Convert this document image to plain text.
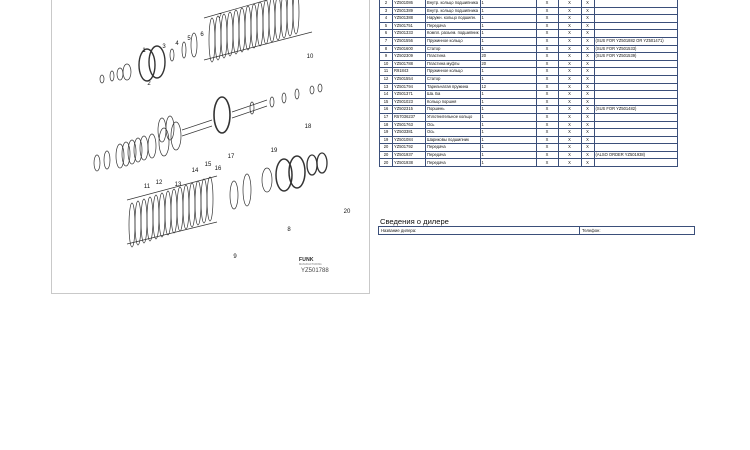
1
2
3 4
5
6
7
8
9
10
11
12 13
14
15
16
17
18
19
20
FUNK
MANUFACTURING
YZ501788
2	YZ501086	Внутр. кольцо подшипника	1	X	X	X	
3	YZ501389	Внутр. кольцо подшипника	1	X	X	X	
4	YZ501388	Наружн. кольцо подшипн.	1	X	X	X	
5	YZ501751	Передача	1	X	X	X	
6	YZ501333	Компл. разъем. подшипник	1	X	X	X	
7	YZ501556	Пружинное кольцо	1	X	X	X	(SUS FOR YZ501882 OR YZ501471)
8	YZ501600	Статор	1	X	X	X	(SUS FOR YZ501533)
9	YZ502309	Пластина	20	X	X	X	(SUS FOR YZ501539)
10	YZ501788	Пластина муфты	20	X	X	X	
11	R91843	Пружинное кольцо	1	X	X	X	
12	YZ501554	Статор	1	X	X	X	
13	YZ501794	Тарельчатая пружина	12	X	X	X	
14	YZ501371	Ша. Ба	1	X	X	X	
15	YZ501023	Кольцо поршня	1	X	X	X	
16	YZ502315	Поршень	1	X	X	X	(SUS FOR YZ501482)
17	R57036237	Уплотнительное кольцо	1	X	X	X	
18	YZ501763	Ось	1	X	X	X	
19	YZ503381	Ось	1	X	X	X	
19	YZ501084	Шариковы подшипник	1	X	X	X	
20	YZ501792	Передача	1	X	X	X	
20	YZ501937	Передача	1	X	X	X	(ALSO ORDER YZ501938)
20	YZ501938	Передача	1	X	X	X	
Сведения о дилере
Название дилера:	Телефон:
